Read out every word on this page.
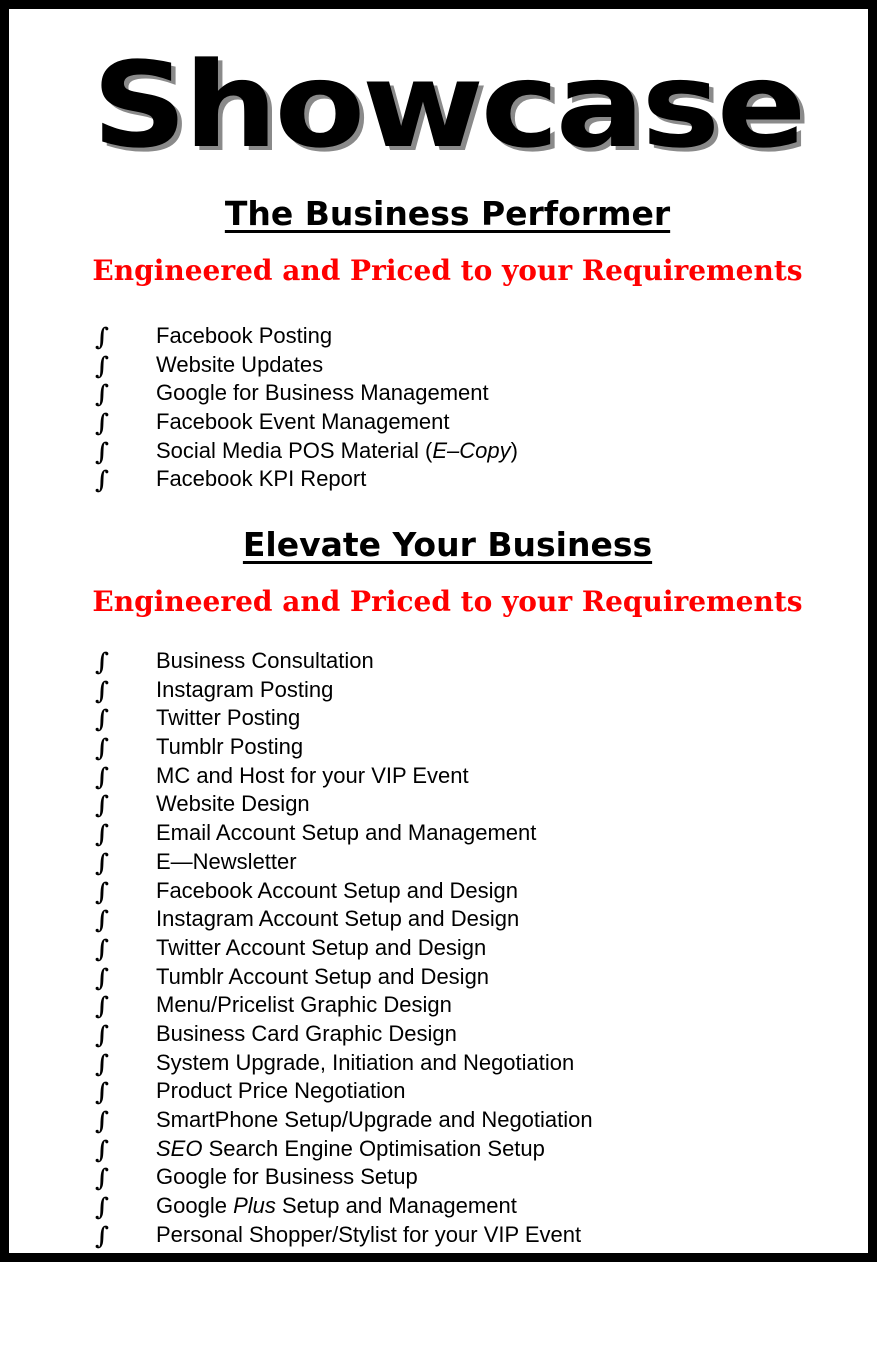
Showcase
The Business Performer
Engineered and Priced to your Requirements
∫ Facebook Posting
∫ Website Updates
∫ Google for Business Management
∫ Facebook Event Management
∫ Social Media POS Material (E–Copy)
∫ Facebook KPI Report
Elevate Your Business
Engineered and Priced to your Requirements
∫ Business Consultation
∫ Instagram Posting
∫ Twitter Posting
∫ Tumblr Posting
∫ MC and Host for your VIP Event
∫ Website Design
∫ Email Account Setup and Management
∫ E—Newsletter
∫ Facebook Account Setup and Design
∫ Instagram Account Setup and Design
∫ Twitter Account Setup and Design
∫ Tumblr Account Setup and Design
∫ Menu/Pricelist Graphic Design
∫ Business Card Graphic Design
∫ System Upgrade, Initiation and Negotiation
∫ Product Price Negotiation
∫ SmartPhone Setup/Upgrade and Negotiation
∫ SEO Search Engine Optimisation Setup
∫ Google for Business Setup
∫ Google Plus Setup and Management
∫ Personal Shopper/Stylist for your VIP Event
